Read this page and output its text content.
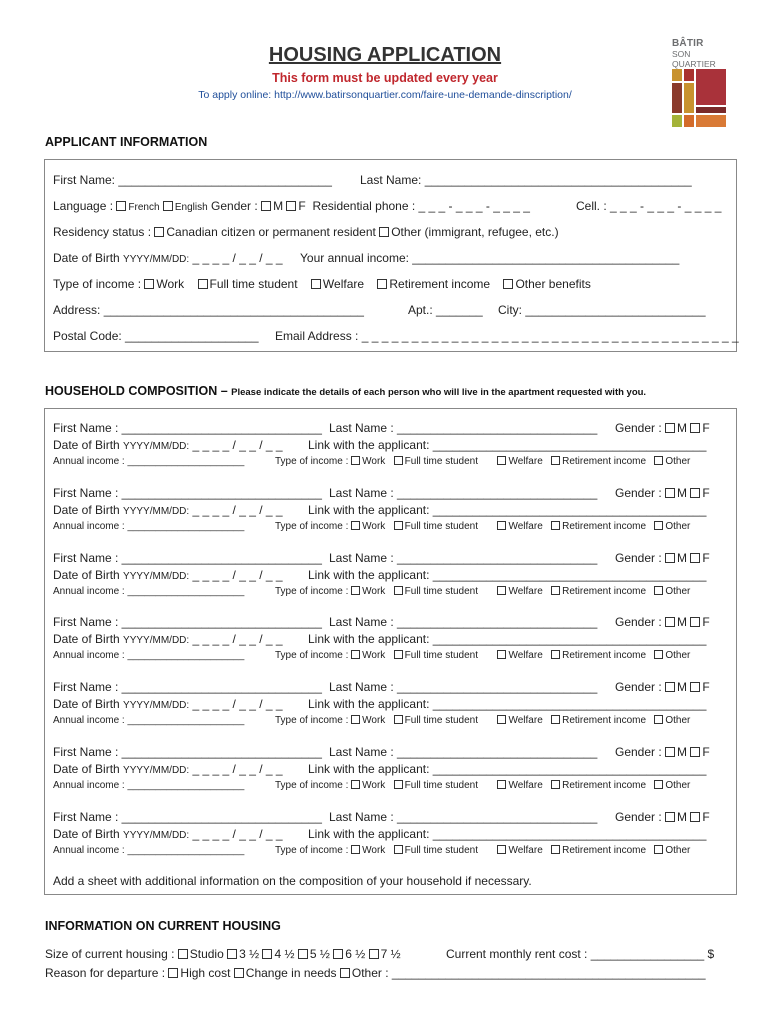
HOUSING APPLICATION
This form must be updated every year
To apply online: http://www.batirsonquartier.com/faire-une-demande-dinscription/
BÂTIR
SON QUARTIER
APPLICANT INFORMATION
First Name: ________________________________ Last Name: ________________________________________
Language : French English Gender : M F Residential phone : _ _ _ - _ _ _ - _ _ _ _	Cell. : _ _ _ - _ _ _ - _ _ _ _
Residency status : Canadian citizen or permanent resident Other (immigrant, refugee, etc.)
Date of Birth YYYY/MM/DD: _ _ _ _ / _ _ / _ _ Your annual income: ________________________________________
Type of income : Work Full time student Welfare Retirement income Other benefits
Address: _______________________________________	Apt.: _______ City: ___________________________
Postal Code: ____________________ Email Address : _ _ _ _ _ _ _ _ _ _ _ _ _ _ _ _ _ _ _ _ _ _ _ _ _ _ _ _ _ _ _ _ _ _ _ _ _ _
HOUSEHOLD COMPOSITION – Please indicate the details of each person who will live in the apartment requested with you.
First Name : ______________________________ Last Name : ______________________________ Gender : M F
Date of Birth YYYY/MM/DD: _ _ _ _ / _ _ / _ _ Link with the applicant: _________________________________________
Annual income : _____________________	Type of income : Work Full time student	Welfare Retirement income Other
First Name : ______________________________ Last Name : ______________________________ Gender : M F
Date of Birth YYYY/MM/DD: _ _ _ _ / _ _ / _ _ Link with the applicant: _________________________________________
Annual income : _____________________	Type of income : Work Full time student	Welfare Retirement income Other
First Name : ______________________________ Last Name : ______________________________ Gender : M F
Date of Birth YYYY/MM/DD: _ _ _ _ / _ _ / _ _ Link with the applicant: _________________________________________
Annual income : _____________________	Type of income : Work Full time student	Welfare Retirement income Other
First Name : ______________________________ Last Name : ______________________________ Gender : M F
Date of Birth YYYY/MM/DD: _ _ _ _ / _ _ / _ _ Link with the applicant: _________________________________________
Annual income : _____________________	Type of income : Work Full time student	Welfare Retirement income Other
First Name : ______________________________ Last Name : ______________________________ Gender : M F
Date of Birth YYYY/MM/DD: _ _ _ _ / _ _ / _ _ Link with the applicant: _________________________________________
Annual income : _____________________	Type of income : Work Full time student	Welfare Retirement income Other
First Name : ______________________________ Last Name : ______________________________ Gender : M F
Date of Birth YYYY/MM/DD: _ _ _ _ / _ _ / _ _ Link with the applicant: _________________________________________
Annual income : _____________________	Type of income : Work Full time student	Welfare Retirement income Other
First Name : ______________________________ Last Name : ______________________________ Gender : M F
Date of Birth YYYY/MM/DD: _ _ _ _ / _ _ / _ _ Link with the applicant: _________________________________________
Annual income : _____________________	Type of income : Work Full time student	Welfare Retirement income Other
Add a sheet with additional information on the composition of your household if necessary.
INFORMATION ON CURRENT HOUSING
Size of current housing : Studio 3 ½ 4 ½ 5 ½ 6 ½ 7 ½	Current monthly rent cost : _________________ $
Reason for departure : High cost Change in needs Other : _______________________________________________
